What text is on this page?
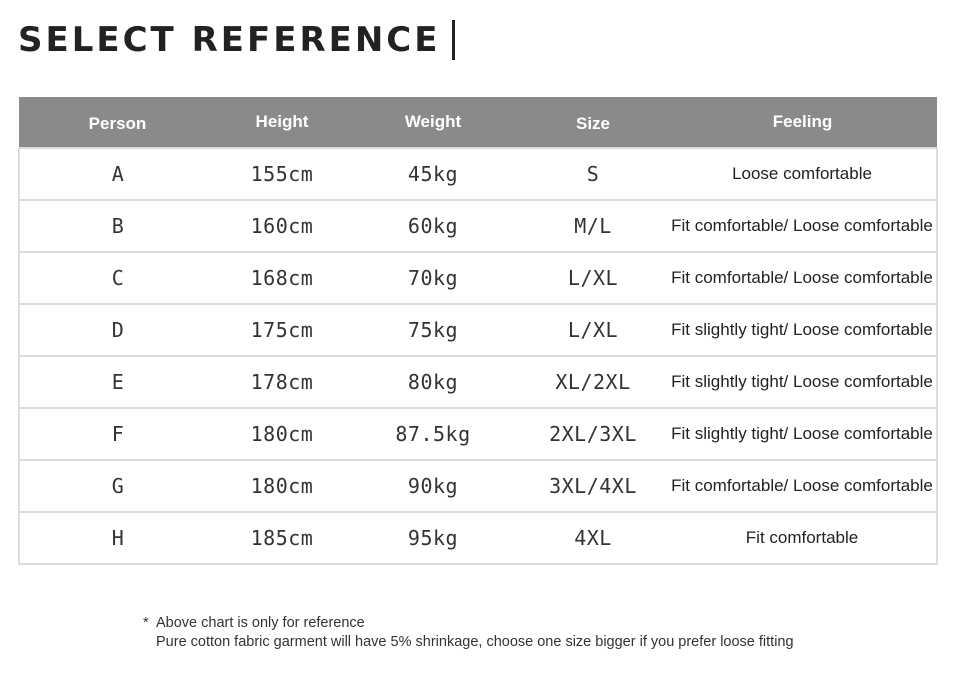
SELECT REFERENCE
Person	Height	Weight	Size	Feeling
A	155cm	45kg	S	Loose comfortable
B	160cm	60kg	M/L	Fit comfortable/ Loose comfortable
C	168cm	70kg	L/XL	Fit comfortable/ Loose comfortable
D	175cm	75kg	L/XL	Fit slightly tight/ Loose comfortable
E	178cm	80kg	XL/2XL	Fit slightly tight/ Loose comfortable
F	180cm	87.5kg	2XL/3XL	Fit slightly tight/ Loose comfortable
G	180cm	90kg	3XL/4XL	Fit comfortable/ Loose comfortable
H	185cm	95kg	4XL	Fit comfortable
* Above chart is only for reference
Pure cotton fabric garment will have 5% shrinkage, choose one size bigger if you prefer loose fitting
